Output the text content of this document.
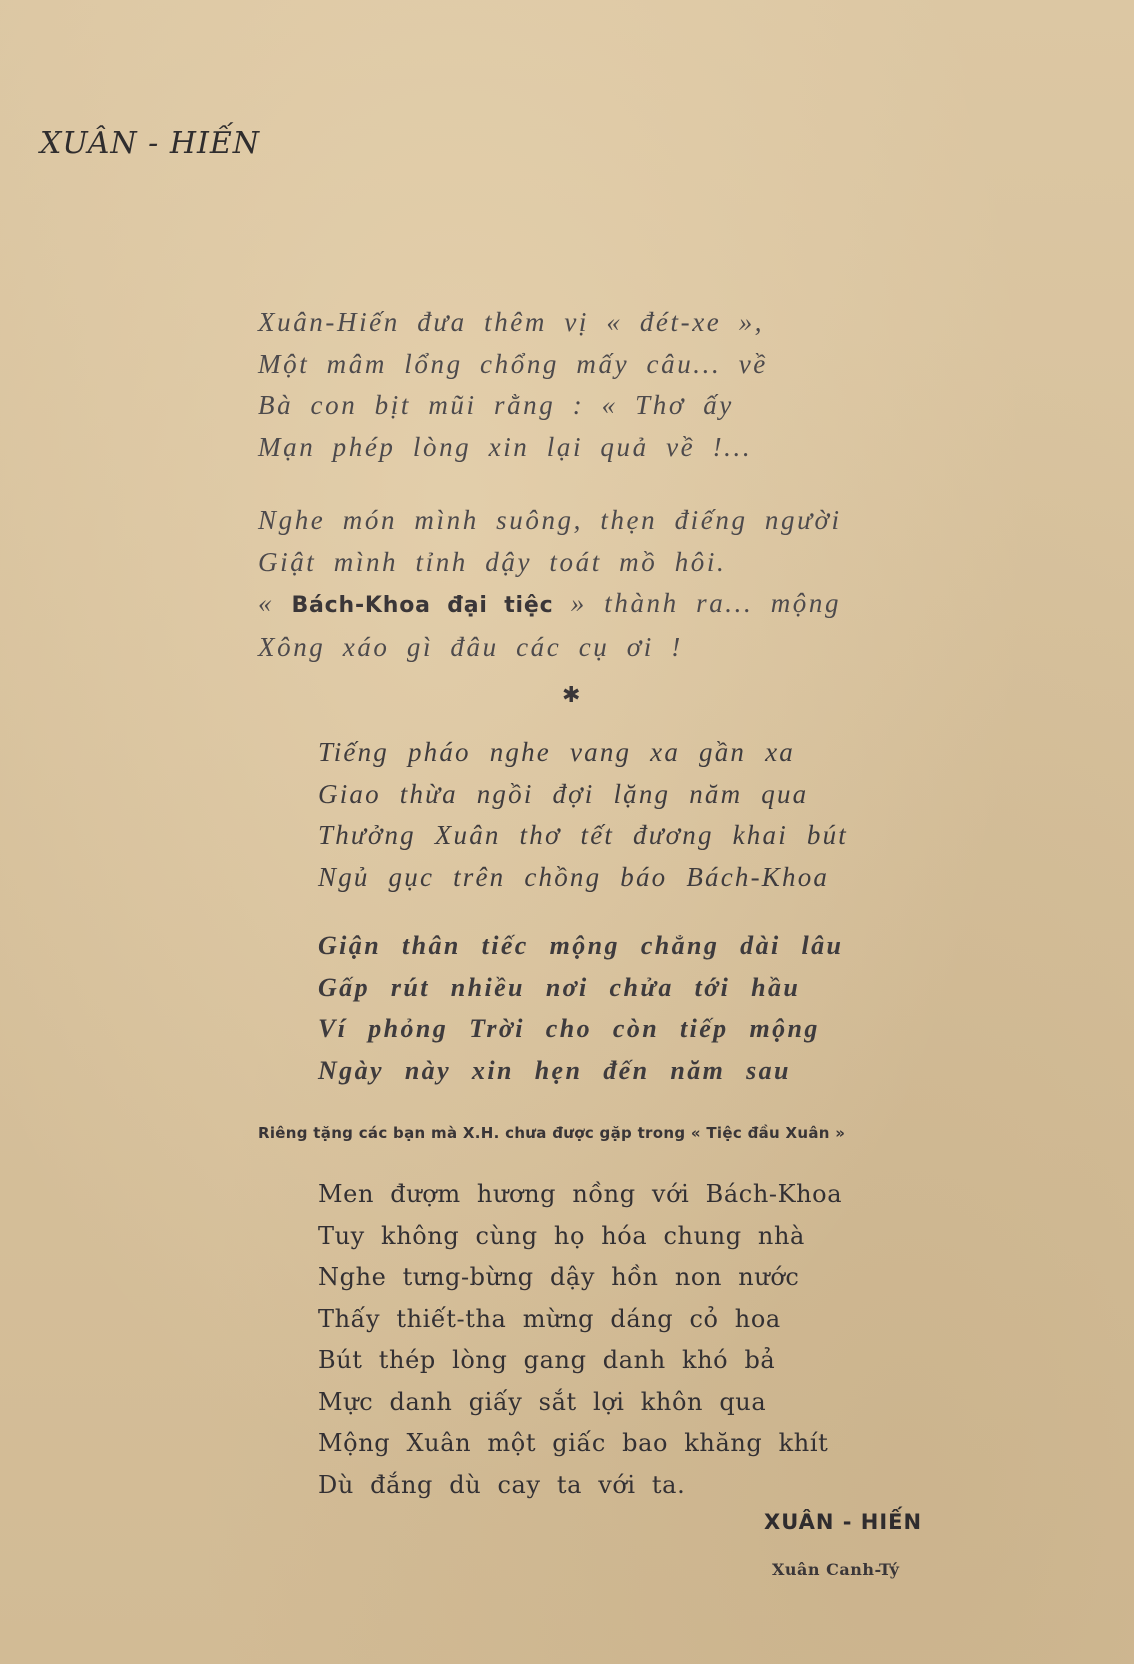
XUÂN - HIẾN
Xuân-Hiến đưa thêm vị « đét-xe »,
Một mâm lổng chổng mấy câu... về
Bà con bịt mũi rằng : « Thơ ấy
Mạn phép lòng xin lại quả về !...
Nghe món mình suông, thẹn điếng người
Giật mình tỉnh dậy toát mồ hôi.
« Bách-Khoa đại tiệc » thành ra... mộng
Xông xáo gì đâu các cụ ơi !
✱
Tiếng pháo nghe vang xa gần xa
Giao thừa ngồi đợi lặng năm qua
Thưởng Xuân thơ tết đương khai bút
Ngủ gục trên chồng báo Bách-Khoa
Giận thân tiếc mộng chẳng dài lâu
Gấp rút nhiều nơi chửa tới hầu
Ví phỏng Trời cho còn tiếp mộng
Ngày này xin hẹn đến năm sau
Riêng tặng các bạn mà X.H. chưa được gặp trong « Tiệc đầu Xuân »
Men đượm hương nồng với Bách-Khoa
Tuy không cùng họ hóa chung nhà
Nghe tưng-bừng dậy hồn non nước
Thấy thiết-tha mừng dáng cỏ hoa
Bút thép lòng gang danh khó bả
Mực danh giấy sắt lợi khôn qua
Mộng Xuân một giấc bao khăng khít
Dù đắng dù cay ta với ta.
XUÂN - HIẾN
Xuân Canh-Tý
